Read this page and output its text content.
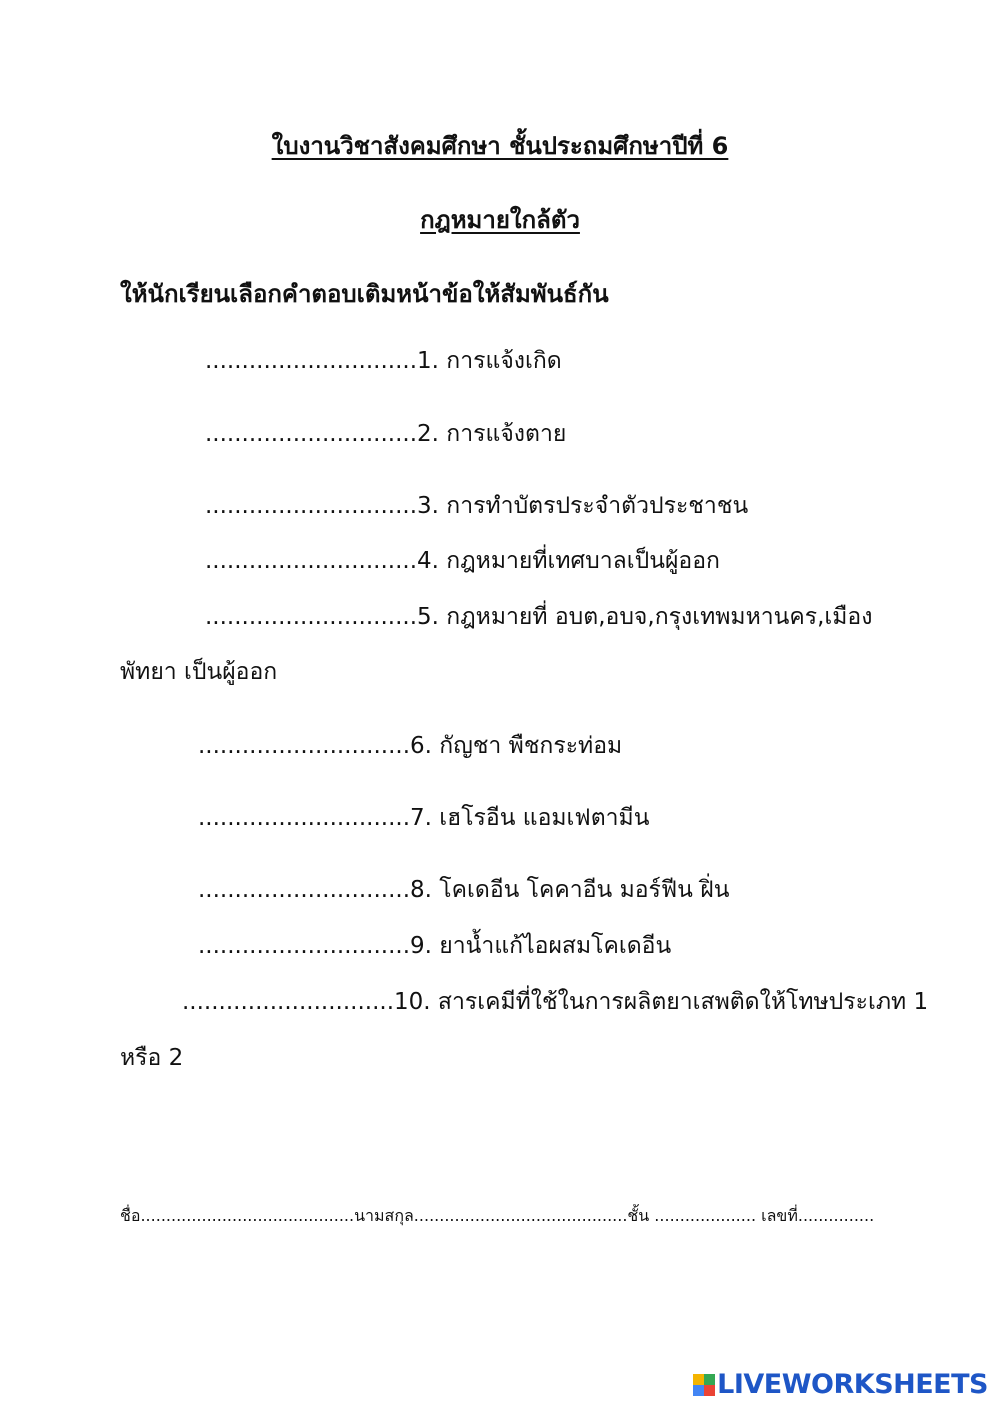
ใบงานวิชาสังคมศึกษา ชั้นประถมศึกษาปีที่ 6
กฎหมายใกล้ตัว
ให้นักเรียนเลือกคำตอบเติมหน้าข้อให้สัมพันธ์กัน
.............................1. การแจ้งเกิด
.............................2. การแจ้งตาย
.............................3. การทำบัตรประจำตัวประชาชน
.............................4. กฎหมายที่เทศบาลเป็นผู้ออก
.............................5. กฎหมายที่ อบต,อบจ,กรุงเทพมหานคร,เมือง
พัทยา เป็นผู้ออก
.............................6. กัญชา พืชกระท่อม
.............................7. เฮโรอีน แอมเฟตามีน
.............................8. โคเดอีน โคคาอีน มอร์ฟีน ฝิ่น
.............................9. ยาน้ำแก้ไอผสมโคเดอีน
.............................10. สารเคมีที่ใช้ในการผลิตยาเสพติดให้โทษประเภท 1
หรือ 2
ชื่อ..........................................นามสกุล..........................................ชั้น .................... เลขที่...............
LIVEWORKSHEETS
